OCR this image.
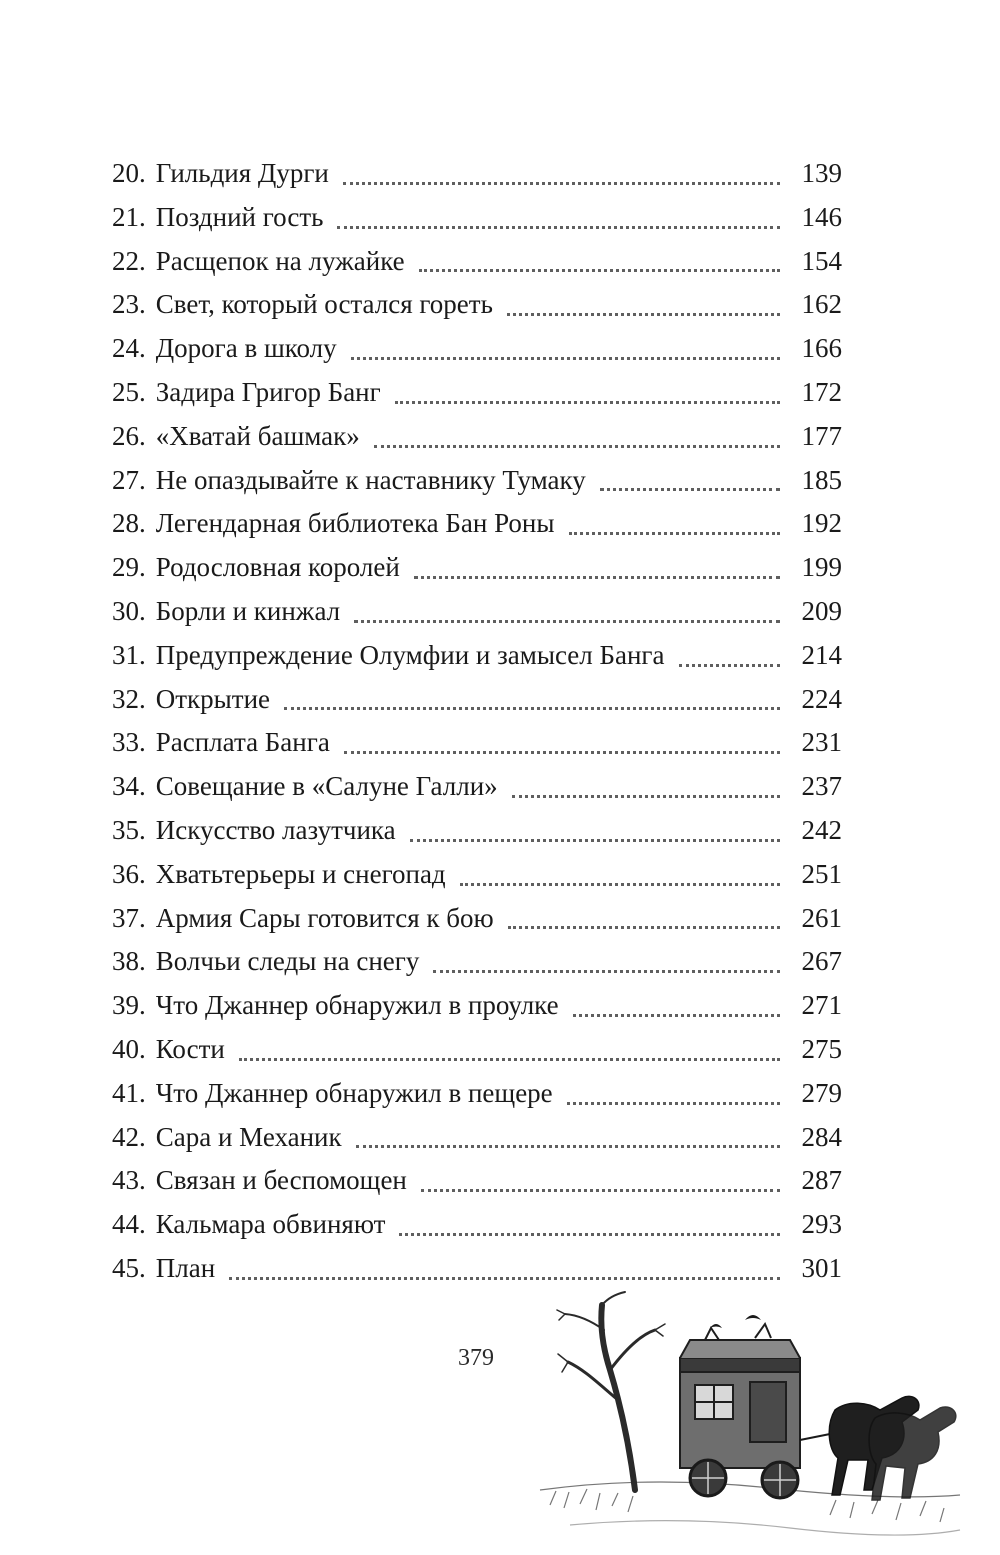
20. Гильдия Дурги	139
21. Поздний гость	146
22. Расщепок на лужайке	154
23. Свет, который остался гореть	162
24. Дорога в школу	166
25. Задира Григор Банг	172
26. «Хватай башмак»	177
27. Не опаздывайте к наставнику Тумаку	185
28. Легендарная библиотека Бан Роны	192
29. Родословная королей	199
30. Борли и кинжал	209
31. Предупреждение Олумфии и замысел Банга	214
32. Открытие	224
33. Расплата Банга	231
34. Совещание в «Салуне Галли»	237
35. Искусство лазутчика	242
36. Хватьтерьеры и снегопад	251
37. Армия Сары готовится к бою	261
38. Волчьи следы на снегу	267
39. Что Джаннер обнаружил в проулке	271
40. Кости	275
41. Что Джаннер обнаружил в пещере	279
42. Сара и Механик	284
43. Связан и беспомощен	287
44. Кальмара обвиняют	293
45. План	301
379
